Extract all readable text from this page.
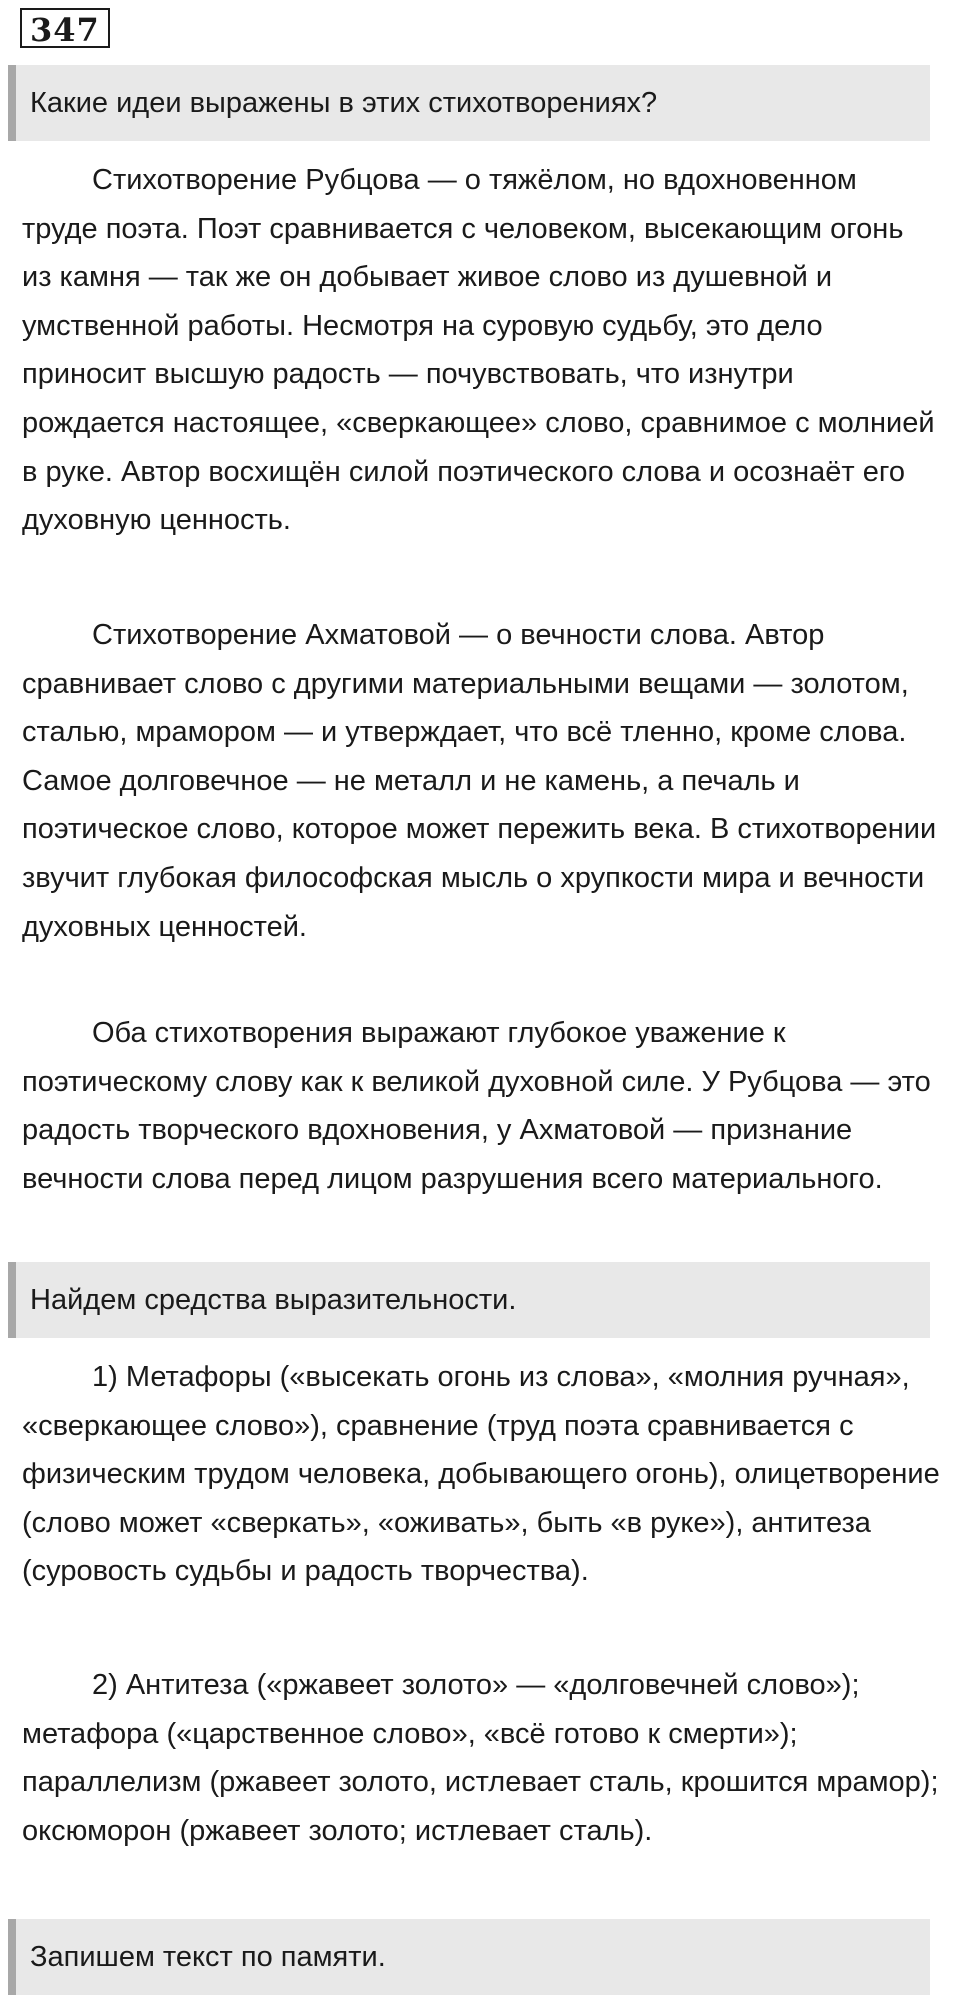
347
Какие идеи выражены в этих стихотворениях?

Стихотворение Рубцова — о тяжёлом, но вдохновенном труде поэта. Поэт сравнивается с человеком, высекающим огонь из камня — так же он добывает живое слово из душевной и умственной работы. Несмотря на суровую судьбу, это дело приносит высшую радость — почувствовать, что изнутри рождается настоящее, «сверкающее» слово, сравнимое с молнией в руке. Автор восхищён силой поэтического слова и осознаёт его духовную ценность.

Стихотворение Ахматовой — о вечности слова. Автор сравнивает слово с другими материальными вещами — золотом, сталью, мрамором — и утверждает, что всё тленно, кроме слова. Самое долговечное — не металл и не камень, а печаль и поэтическое слово, которое может пережить века. В стихотворении звучит глубокая философская мысль о хрупкости мира и вечности духовных ценностей.

Оба стихотворения выражают глубокое уважение к поэтическому слову как к великой духовной силе. У Рубцова — это радость творческого вдохновения, у Ахматовой — признание вечности слова перед лицом разрушения всего материального.

Найдем средства выразительности.

1) Метафоры («высекать огонь из слова», «молния ручная», «сверкающее слово»), сравнение (труд поэта сравнивается с физическим трудом человека, добывающего огонь), олицетворение (слово может «сверкать», «оживать», быть «в руке»), антитеза (суровость судьбы и радость творчества).

2) Антитеза («ржавеет золото» — «долговечней слово»); метафора («царственное слово», «всё готово к смерти»); параллелизм (ржавеет золото, истлевает сталь, крошится мрамор); оксюморон (ржавеет золото; истлевает сталь).

Запишем текст по памяти.
